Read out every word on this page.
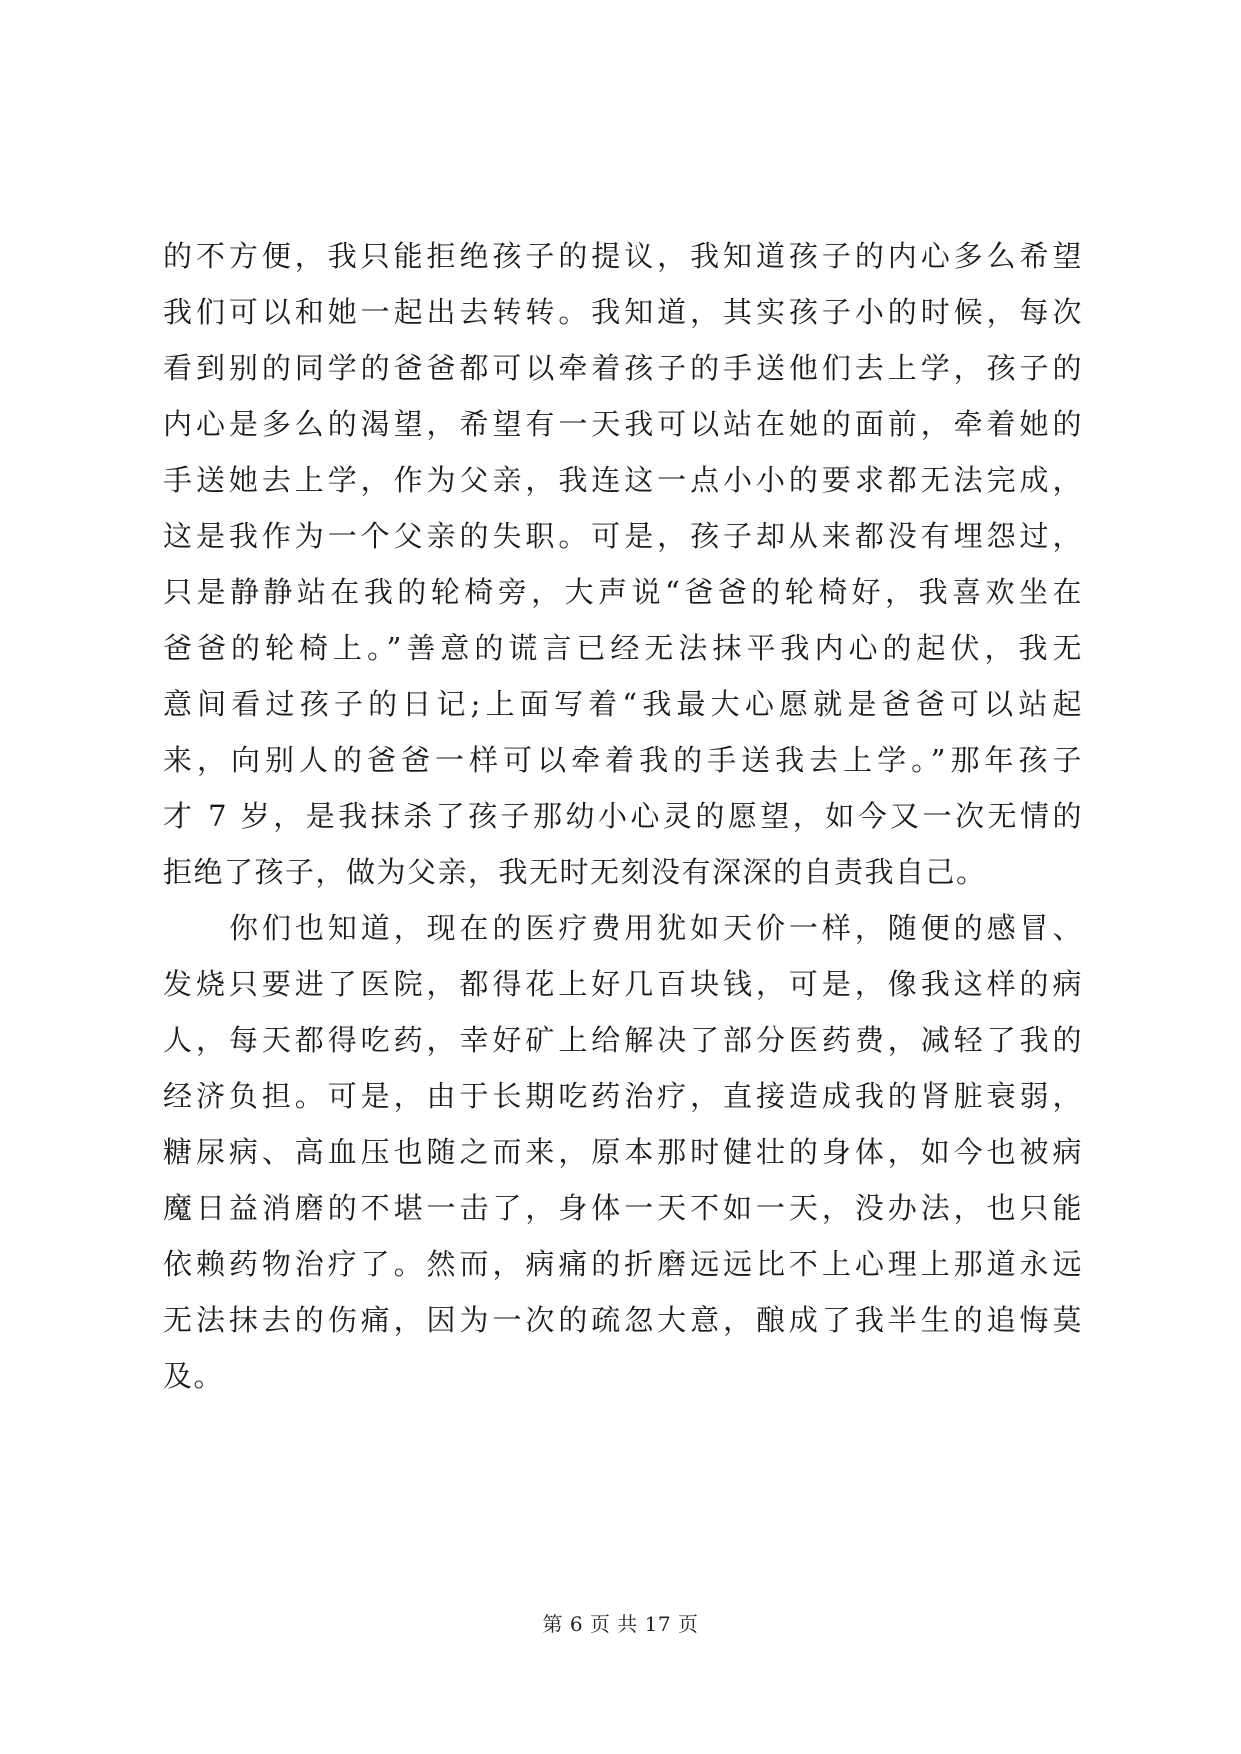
的不方便，我只能拒绝孩子的提议，我知道孩子的内心多么希望
我们可以和她一起出去转转。我知道，其实孩子小的时候，每次
看到别的同学的爸爸都可以牵着孩子的手送他们去上学，孩子的
内心是多么的渴望，希望有一天我可以站在她的面前，牵着她的
手送她去上学，作为父亲，我连这一点小小的要求都无法完成，
这是我作为一个父亲的失职。可是，孩子却从来都没有埋怨过，
只是静静站在我的轮椅旁，大声说“爸爸的轮椅好，我喜欢坐在
爸爸的轮椅上。”善意的谎言已经无法抹平我内心的起伏，我无
意间看过孩子的日记;上面写着“我最大心愿就是爸爸可以站起
来，向别人的爸爸一样可以牵着我的手送我去上学。”那年孩子
才 7 岁，是我抹杀了孩子那幼小心灵的愿望，如今又一次无情的
拒绝了孩子，做为父亲，我无时无刻没有深深的自责我自己。
你们也知道，现在的医疗费用犹如天价一样，随便的感冒、
发烧只要进了医院，都得花上好几百块钱，可是，像我这样的病
人，每天都得吃药，幸好矿上给解决了部分医药费，减轻了我的
经济负担。可是，由于长期吃药治疗，直接造成我的肾脏衰弱，
糖尿病、高血压也随之而来，原本那时健壮的身体，如今也被病
魔日益消磨的不堪一击了，身体一天不如一天，没办法，也只能
依赖药物治疗了。然而，病痛的折磨远远比不上心理上那道永远
无法抹去的伤痛，因为一次的疏忽大意，酿成了我半生的追悔莫
及。
第 6 页 共 17 页
